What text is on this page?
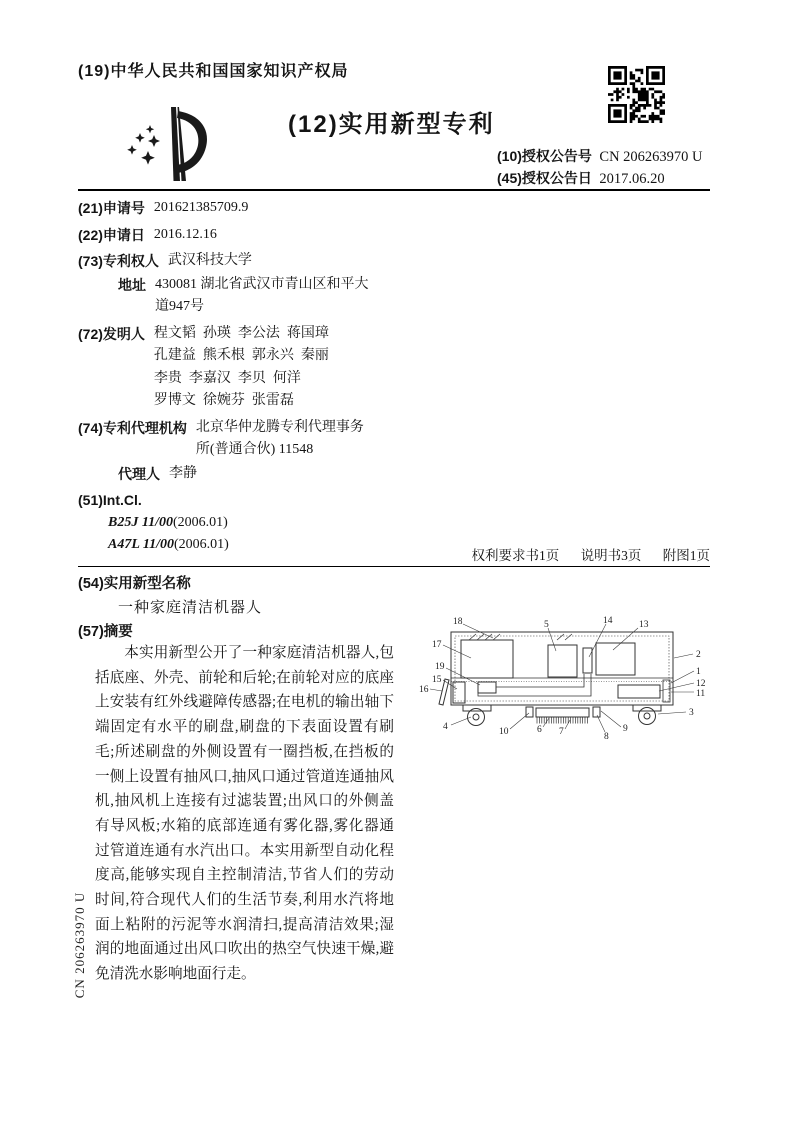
(19)中华人民共和国国家知识产权局
(12)实用新型专利
(10)授权公告号 CN 206263970 U
(45)授权公告日 2017.06.20
(21)申请号 201621385709.9
(22)申请日 2016.12.16
(73)专利权人 武汉科技大学
地址 430081 湖北省武汉市青山区和平大
道947号
(72)发明人 程文韬  孙瑛  李公法  蒋国璋
孔建益  熊禾根  郭永兴  秦丽
李贵  李嘉汉  李贝  何洋
罗博文  徐婉芬  张雷磊
(74)专利代理机构 北京华仲龙腾专利代理事务
所(普通合伙) 11548
代理人 李静
(51)Int.Cl.
B25J 11/00(2006.01)
A47L 11/00(2006.01)
权利要求书1页 说明书3页 附图1页
(54)实用新型名称
一种家庭清洁机器人
(57)摘要
本实用新型公开了一种家庭清洁机器人,包括底座、外壳、前轮和后轮;在前轮对应的底座上安装有红外线避障传感器;在电机的输出轴下端固定有水平的刷盘,刷盘的下表面设置有刷毛;所述刷盘的外侧设置有一圈挡板,在挡板的一侧上设置有抽风口,抽风口通过管道连通抽风机,抽风机上连接有过滤装置;出风口的外侧盖有导风板;水箱的底部连通有雾化器,雾化器通过管道连通有水汽出口。本实用新型自动化程度高,能够实现自主控制清洁,节省人们的劳动时间,符合现代人们的生活节奏,利用水汽将地面上粘附的污泥等水润清扫,提高清洁效果;湿润的地面通过出风口吹出的热空气快速干燥,避免清洗水影响地面行走。
1
2
3
4
5
6 7	8
9
10
11
12
13
14
15
16
17
18
19
CN 206263970 U
